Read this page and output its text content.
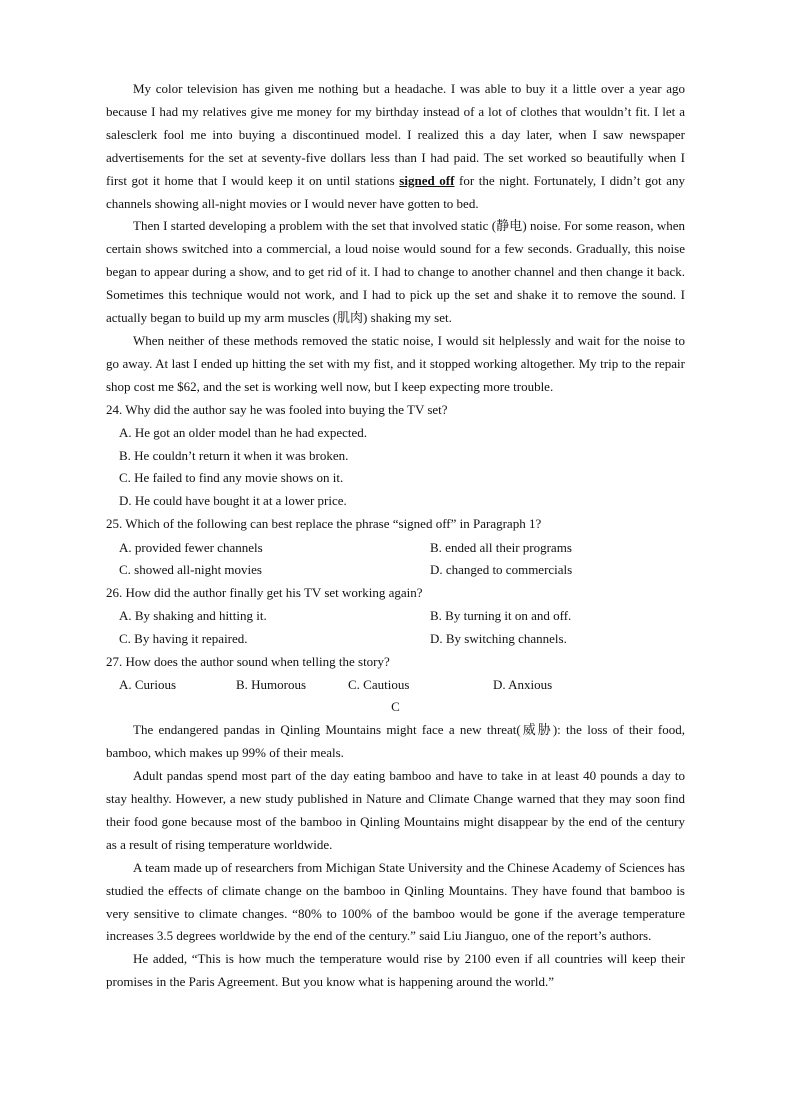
My color television has given me nothing but a headache. I was able to buy it a little over a year ago because I had my relatives give me money for my birthday instead of a lot of clothes that wouldn’t fit. I let a salesclerk fool me into buying a discontinued model. I realized this a day later, when I saw newspaper advertisements for the set at seventy-five dollars less than I had paid. The set worked so beautifully when I first got it home that I would keep it on until stations signed off for the night. Fortunately, I didn’t got any channels showing all-night movies or I would never have gotten to bed.

Then I started developing a problem with the set that involved static (静电) noise. For some reason, when certain shows switched into a commercial, a loud noise would sound for a few seconds. Gradually, this noise began to appear during a show, and to get rid of it. I had to change to another channel and then change it back. Sometimes this technique would not work, and I had to pick up the set and shake it to remove the sound. I actually began to build up my arm muscles (肌肉) shaking my set.

When neither of these methods removed the static noise, I would sit helplessly and wait for the noise to go away. At last I ended up hitting the set with my fist, and it stopped working altogether. My trip to the repair shop cost me $62, and the set is working well now, but I keep expecting more trouble.

24. Why did the author say he was fooled into buying the TV set?
A. He got an older model than he had expected.
B. He couldn’t return it when it was broken.
C. He failed to find any movie shows on it.
D. He could have bought it at a lower price.
25. Which of the following can best replace the phrase “signed off” in Paragraph 1?
A. provided fewer channels	B. ended all their programs
C. showed all-night movies	D. changed to commercials
26. How did the author finally get his TV set working again?
A. By shaking and hitting it.	B. By turning it on and off.
C. By having it repaired.	D. By switching channels.
27. How does the author sound when telling the story?
A. Curious	B. Humorous	C. Cautious	D. Anxious
C

The endangered pandas in Qinling Mountains might face a new threat(威胁): the loss of their food, bamboo, which makes up 99% of their meals.

Adult pandas spend most part of the day eating bamboo and have to take in at least 40 pounds a day to stay healthy. However, a new study published in Nature and Climate Change warned that they may soon find their food gone because most of the bamboo in Qinling Mountains might disappear by the end of the century as a result of rising temperature worldwide.

A team made up of researchers from Michigan State University and the Chinese Academy of Sciences has studied the effects of climate change on the bamboo in Qinling Mountains. They have found that bamboo is very sensitive to climate changes. “80% to 100% of the bamboo would be gone if the average temperature increases 3.5 degrees worldwide by the end of the century.” said Liu Jianguo, one of the report’s authors.

He added, “This is how much the temperature would rise by 2100 even if all countries will keep their promises in the Paris Agreement. But you know what is happening around the world.”
